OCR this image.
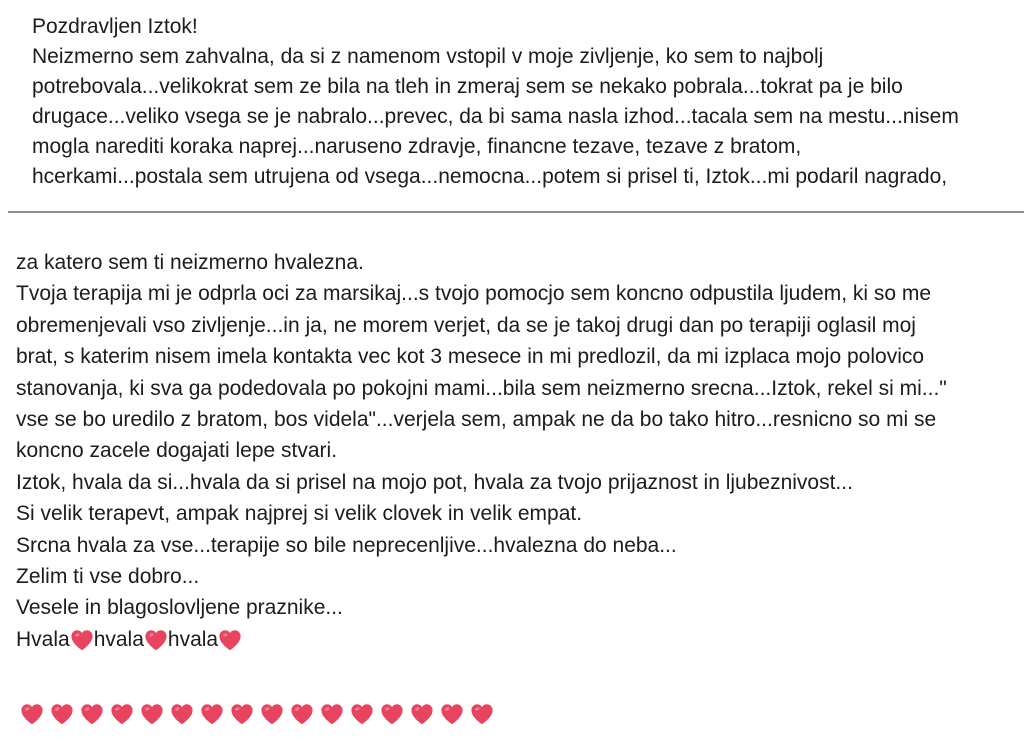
Pozdravljen Iztok!
Neizmerno sem zahvalna, da si z namenom vstopil v moje zivljenje, ko sem to najbolj
potrebovala...velikokrat sem ze bila na tleh in zmeraj sem se nekako pobrala...tokrat pa je bilo
drugace...veliko vsega se je nabralo...prevec, da bi sama nasla izhod...tacala sem na mestu...nisem
mogla narediti koraka naprej...naruseno zdravje, financne tezave, tezave z bratom,
hcerkami...postala sem utrujena od vsega...nemocna...potem si prisel ti, Iztok...mi podaril nagrado,
za katero sem ti neizmerno hvalezna.
Tvoja terapija mi je odprla oci za marsikaj...s tvojo pomocjo sem koncno odpustila ljudem, ki so me
obremenjevali vso zivljenje...in ja, ne morem verjet, da se je takoj drugi dan po terapiji oglasil moj
brat, s katerim nisem imela kontakta vec kot 3 mesece in mi predlozil, da mi izplaca mojo polovico
stanovanja, ki sva ga podedovala po pokojni mami...bila sem neizmerno srecna...Iztok, rekel si mi..."
vse se bo uredilo z bratom, bos videla"...verjela sem, ampak ne da bo tako hitro...resnicno so mi se
koncno zacele dogajati lepe stvari.
Iztok, hvala da si...hvala da si prisel na mojo pot, hvala za tvojo prijaznost in ljubeznivost...
Si velik terapevt, ampak najprej si velik clovek in velik empat.
Srcna hvala za vse...terapije so bile neprecenljive...hvalezna do neba...
Zelim ti vse dobro...
Vesele in blagoslovljene praznike...
Hvala hvala hvala
